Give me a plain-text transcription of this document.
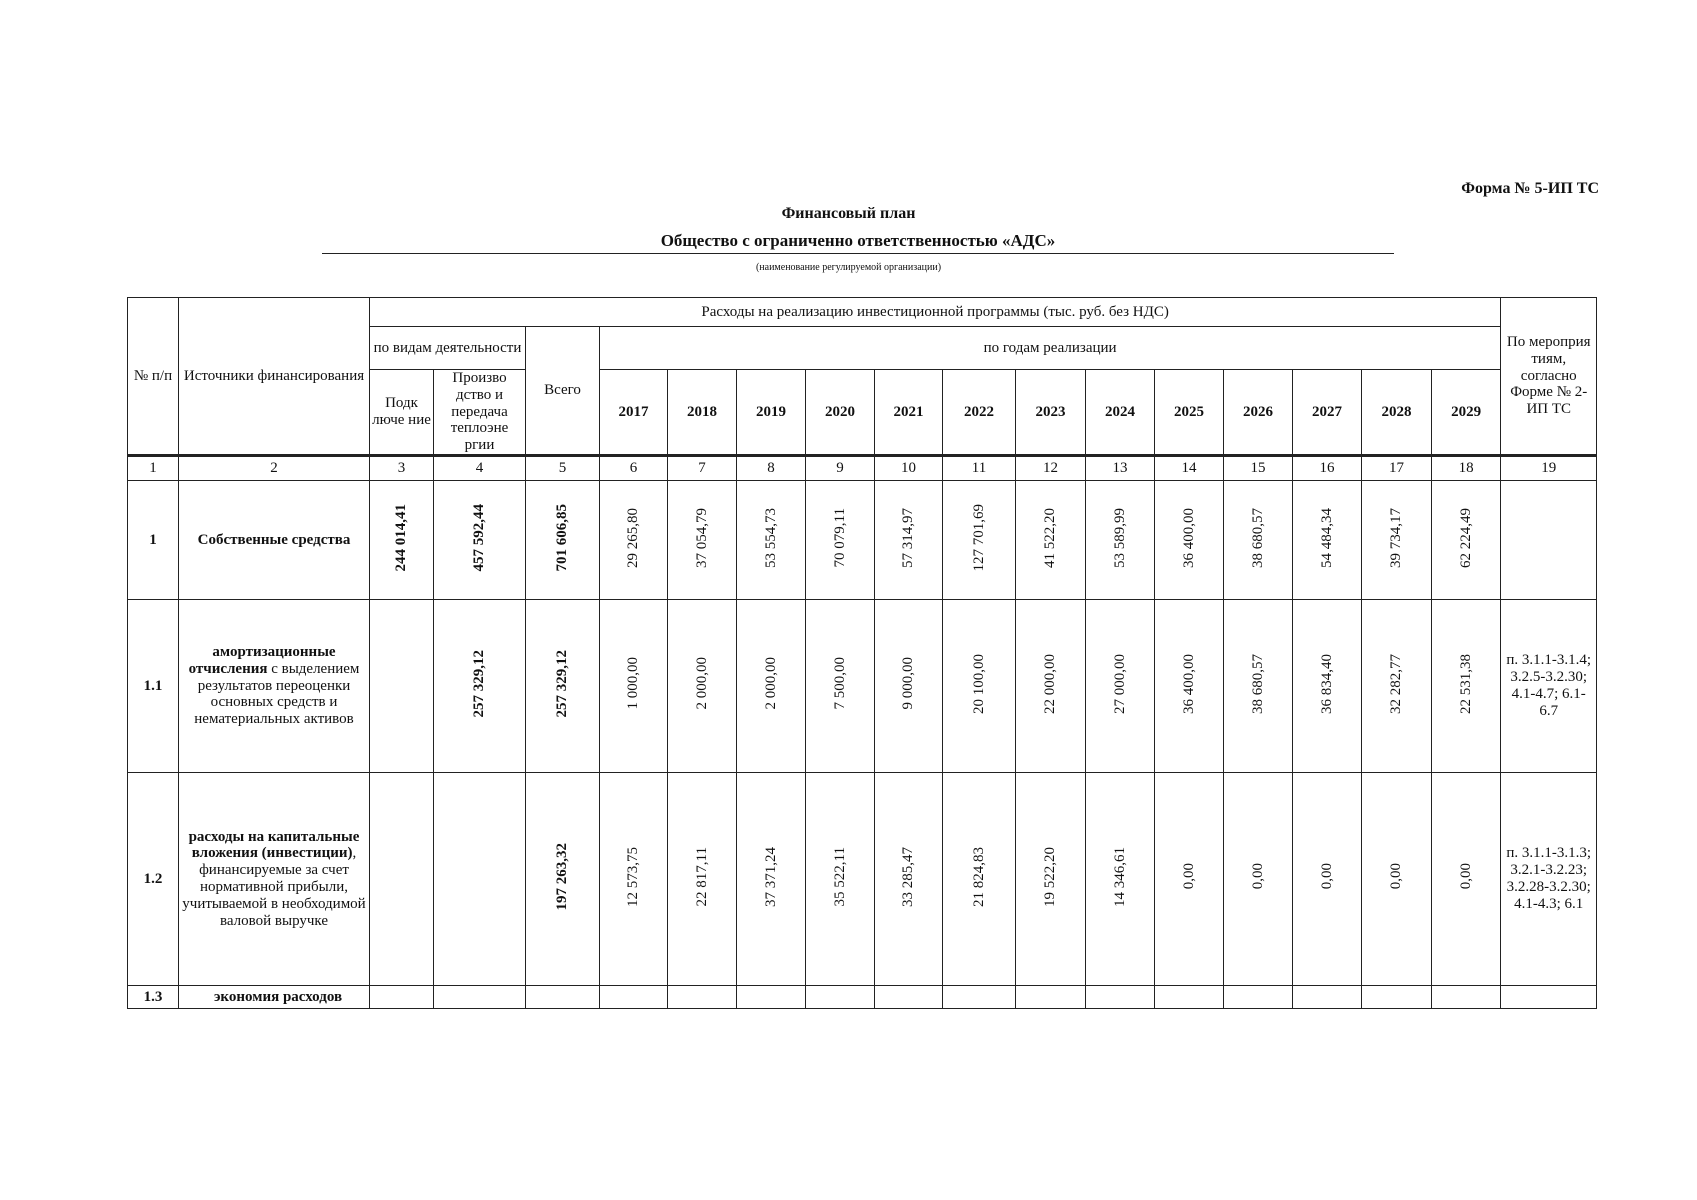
Форма № 5-ИП ТС
Финансовый план
Общество с ограниченно ответственностью «АДС»
(наименование регулируемой организации)
№ п/п	Источники финансирования	Расходы на реализацию инвестиционной программы (тыс. руб. без НДС)																По мероприя тиям, согласно Форме № 2-ИП ТС
		по видам деятельности		Всего	по годам реализации													
		Подк люче ние	Произво дство и передача теплоэне ргии															
					2017	2018	2019	2020	2021	2022	2023	2024	2025	2026	2027	2028	2029	
1	2	3	4	5	6	7	8	9	10	11	12	13	14	15	16	17	18	19
1	Собственные средства	244 014,41	457 592,44	701 606,85	29 265,80	37 054,79	53 554,73	70 079,11	57 314,97	127 701,69	41 522,20	53 589,99	36 400,00	38 680,57	54 484,34	39 734,17	62 224,49	
1.1	амортизационные отчисления с выделением результатов переоценки основных средств и нематериальных активов		257 329,12	257 329,12	1 000,00	2 000,00	2 000,00	7 500,00	9 000,00	20 100,00	22 000,00	27 000,00	36 400,00	38 680,57	36 834,40	32 282,77	22 531,38	п. 3.1.1-3.1.4; 3.2.5-3.2.30; 4.1-4.7; 6.1-6.7
1.2	расходы на капитальные вложения (инвестиции), финансируемые за счет нормативной прибыли, учитываемой в необходимой валовой выручке			197 263,32	12 573,75	22 817,11	37 371,24	35 522,11	33 285,47	21 824,83	19 522,20	14 346,61	0,00	0,00	0,00	0,00	0,00	п. 3.1.1-3.1.3; 3.2.1-3.2.23; 3.2.28-3.2.30; 4.1-4.3; 6.1
1.3	экономия расходов																	
